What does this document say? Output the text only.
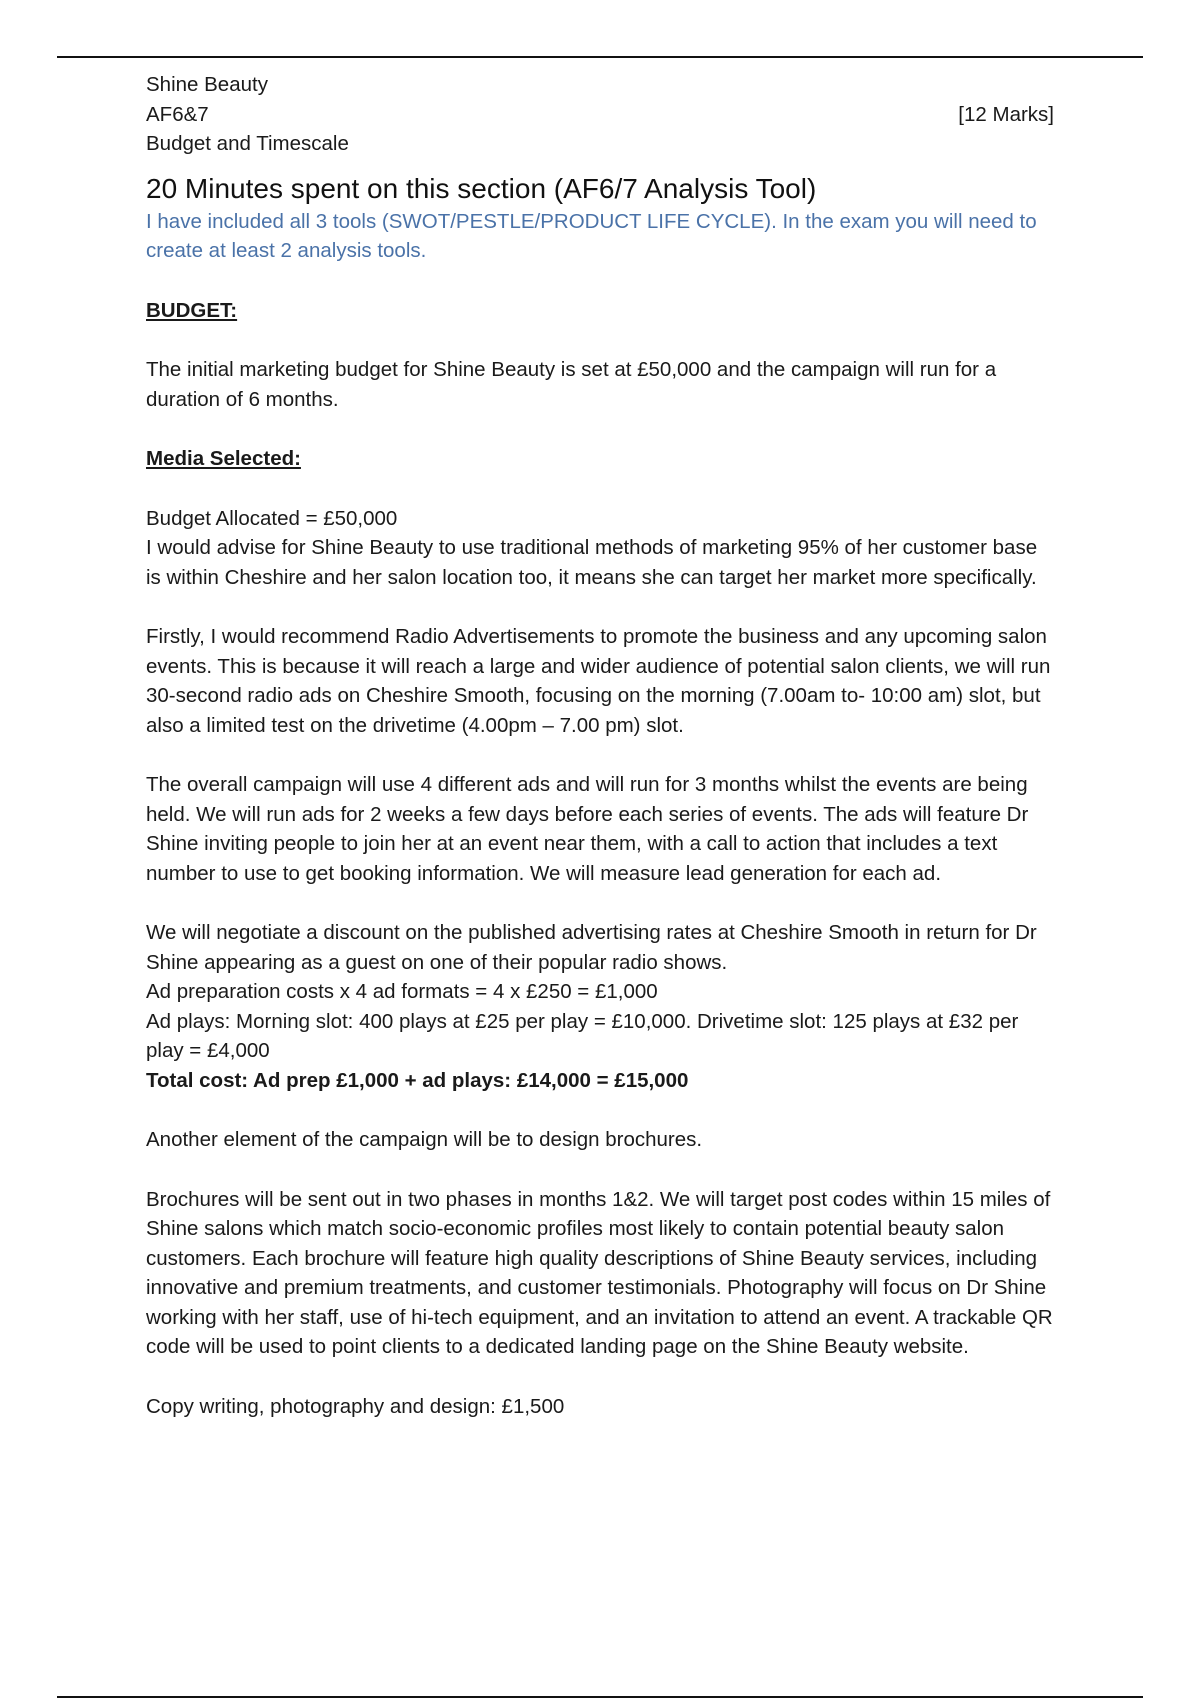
Shine Beauty
AF6&7	[12 Marks]
Budget and Timescale
20 Minutes spent on this section (AF6/7 Analysis Tool)
I have included all 3 tools (SWOT/PESTLE/PRODUCT LIFE CYCLE). In the exam you will need to create at least 2 analysis tools.
BUDGET:

The initial marketing budget for Shine Beauty is set at £50,000 and the campaign will run for a duration of 6 months.

Media Selected:

Budget Allocated = £50,000

I would advise for Shine Beauty to use traditional methods of marketing 95% of her customer base is within Cheshire and her salon location too, it means she can target her market more specifically.

Firstly, I would recommend Radio Advertisements to promote the business and any upcoming salon events. This is because it will reach a large and wider audience of potential salon clients, we will run 30-second radio ads on Cheshire Smooth, focusing on the morning (7.00am to- 10:00 am) slot, but also a limited test on the drivetime (4.00pm – 7.00 pm) slot.

The overall campaign will use 4 different ads and will run for 3 months whilst the events are being held. We will run ads for 2 weeks a few days before each series of events. The ads will feature Dr Shine inviting people to join her at an event near them, with a call to action that includes a text number to use to get booking information. We will measure lead generation for each ad.

We will negotiate a discount on the published advertising rates at Cheshire Smooth in return for Dr Shine appearing as a guest on one of their popular radio shows.

Ad preparation costs x 4 ad formats = 4 x £250 = £1,000

Ad plays: Morning slot: 400 plays at £25 per play = £10,000. Drivetime slot: 125 plays at £32 per play = £4,000

Total cost: Ad prep £1,000 + ad plays: £14,000 = £15,000

Another element of the campaign will be to design brochures.

Brochures will be sent out in two phases in months 1&2. We will target post codes within 15 miles of Shine salons which match socio-economic profiles most likely to contain potential beauty salon customers. Each brochure will feature high quality descriptions of Shine Beauty services, including innovative and premium treatments, and customer testimonials. Photography will focus on Dr Shine working with her staff, use of hi-tech equipment, and an invitation to attend an event. A trackable QR code will be used to point clients to a dedicated landing page on the Shine Beauty website.

Copy writing, photography and design: £1,500
